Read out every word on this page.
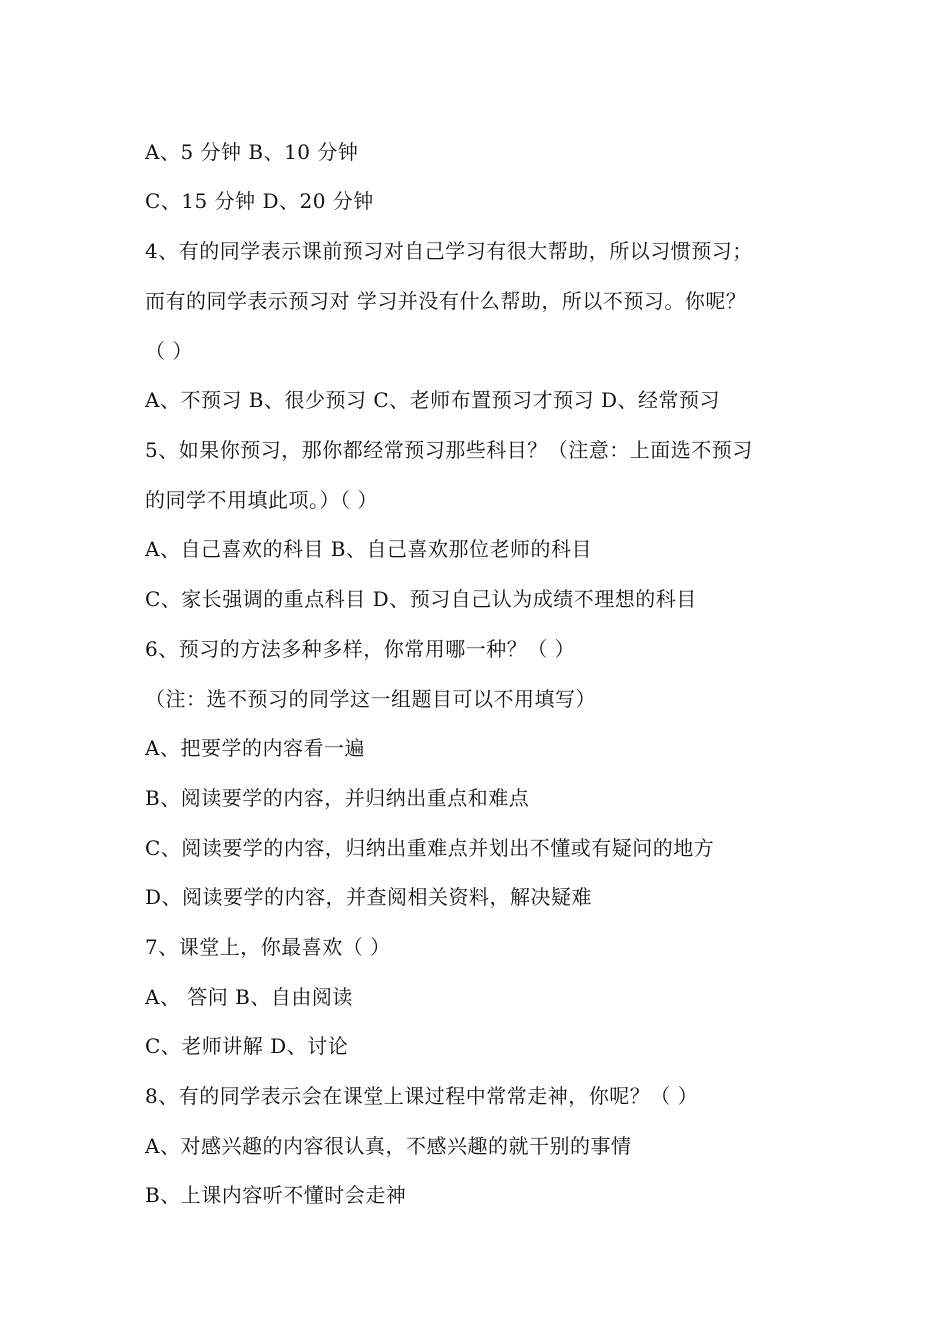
A、5 分钟 B、10 分钟
C、15 分钟 D、20 分钟
4、有的同学表示课前预习对自己学习有很大帮助，所以习惯预习；
而有的同学表示预习对 学习并没有什么帮助，所以不预习。你呢？
（ ）
A、不预习 B、很少预习 C、老师布置预习才预习 D、经常预习
5、如果你预习，那你都经常预习那些科目？（注意：上面选不预习
的同学不用填此项。）（ ）
A、自己喜欢的科目 B、自己喜欢那位老师的科目
C、家长强调的重点科目 D、预习自己认为成绩不理想的科目
6、预习的方法多种多样，你常用哪一种？（ ）
（注：选不预习的同学这一组题目可以不用填写）
A、把要学的内容看一遍
B、阅读要学的内容，并归纳出重点和难点
C、阅读要学的内容，归纳出重难点并划出不懂或有疑问的地方
D、阅读要学的内容，并查阅相关资料，解决疑难
7、课堂上，你最喜欢（ ）
A、 答问 B、自由阅读
C、老师讲解 D、讨论
8、有的同学表示会在课堂上课过程中常常走神，你呢？（ ）
A、对感兴趣的内容很认真，不感兴趣的就干别的事情
B、上课内容听不懂时会走神
